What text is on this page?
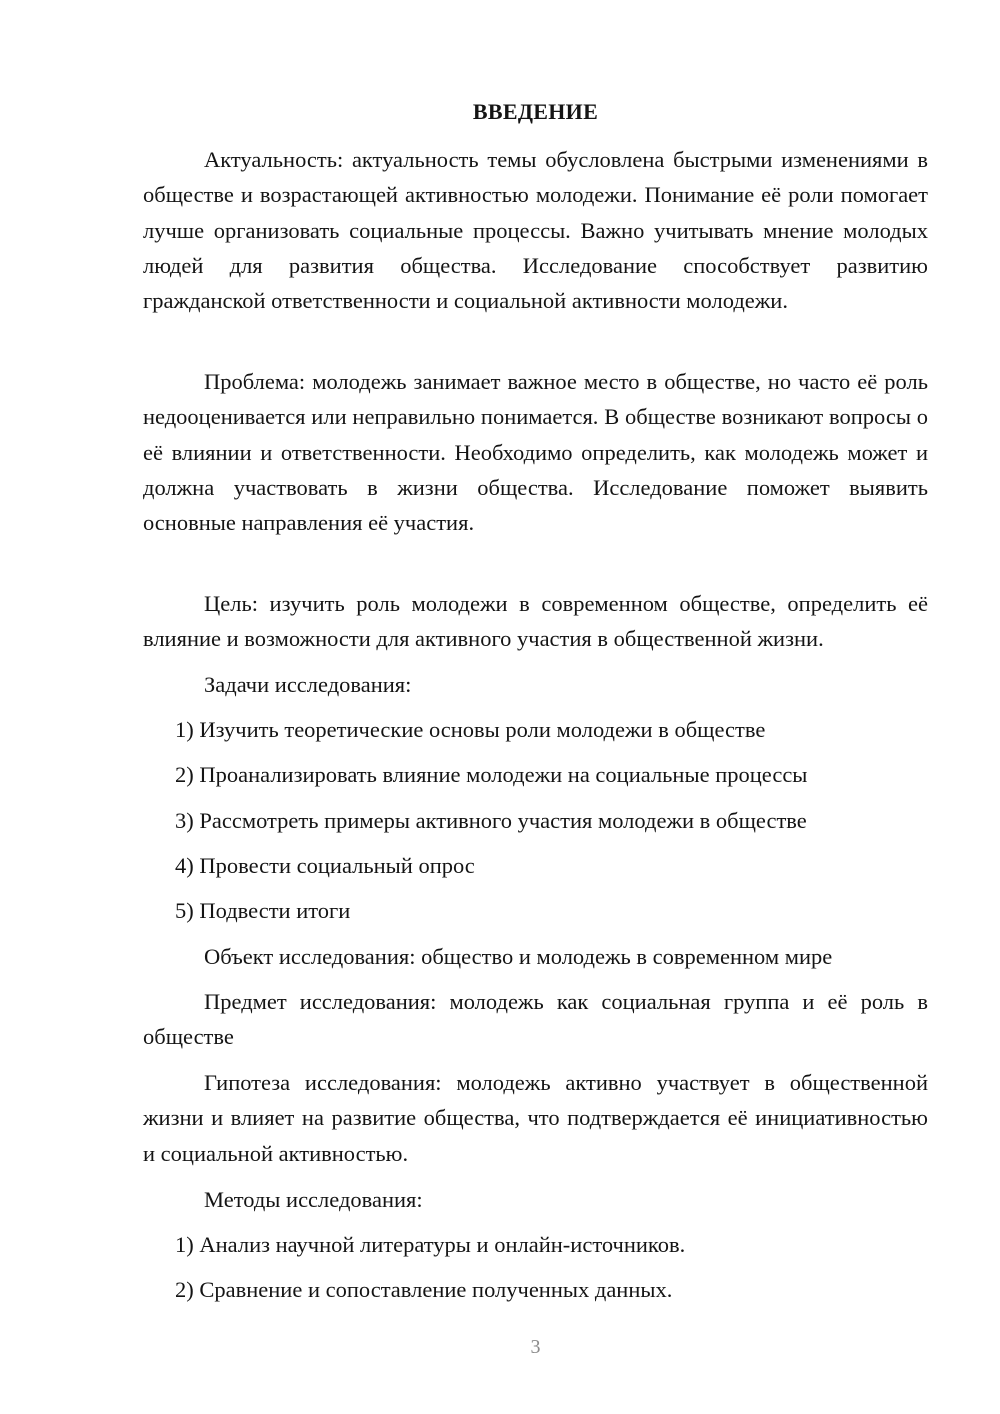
ВВЕДЕНИЕ

Актуальность: актуальность темы обусловлена быстрыми изменениями в обществе и возрастающей активностью молодежи. Понимание её роли помогает лучше организовать социальные процессы. Важно учитывать мнение молодых людей для развития общества. Исследование способствует развитию гражданской ответственности и социальной активности молодежи.

Проблема: молодежь занимает важное место в обществе, но часто её роль недооценивается или неправильно понимается. В обществе возникают вопросы о её влиянии и ответственности. Необходимо определить, как молодежь может и должна участвовать в жизни общества. Исследование поможет выявить основные направления её участия.

Цель: изучить роль молодежи в современном обществе, определить её влияние и возможности для активного участия в общественной жизни.

Задачи исследования:

1) Изучить теоретические основы роли молодежи в обществе

2) Проанализировать влияние молодежи на социальные процессы

3) Рассмотреть примеры активного участия молодежи в обществе

4) Провести социальный опрос

5) Подвести итоги

Объект исследования: общество и молодежь в современном мире

Предмет исследования: молодежь как социальная группа и её роль в обществе

Гипотеза исследования: молодежь активно участвует в общественной жизни и влияет на развитие общества, что подтверждается её инициативностью и социальной активностью.

Методы исследования:

1) Анализ научной литературы и онлайн-источников.

2) Сравнение и сопоставление полученных данных.

3
